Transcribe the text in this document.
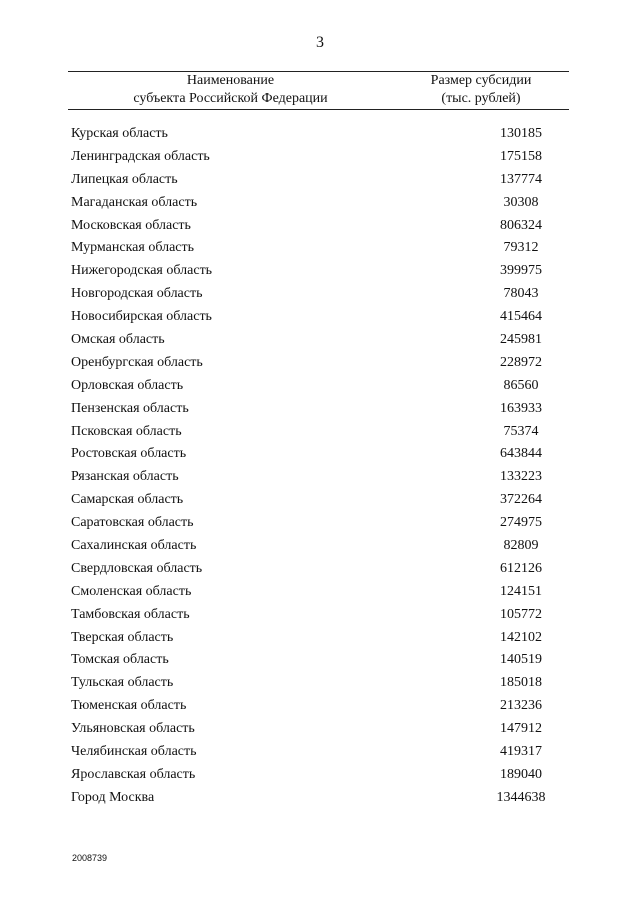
3
Наименование
субъекта Российской Федерации
Размер субсидии
(тыс. рублей)
Курская область	130185
Ленинградская область	175158
Липецкая область	137774
Магаданская область	30308
Московская область	806324
Мурманская область	79312
Нижегородская область	399975
Новгородская область	78043
Новосибирская область	415464
Омская область	245981
Оренбургская область	228972
Орловская область	86560
Пензенская область	163933
Псковская область	75374
Ростовская область	643844
Рязанская область	133223
Самарская область	372264
Саратовская область	274975
Сахалинская область	82809
Свердловская область	612126
Смоленская область	124151
Тамбовская область	105772
Тверская область	142102
Томская область	140519
Тульская область	185018
Тюменская область	213236
Ульяновская область	147912
Челябинская область	419317
Ярославская область	189040
Город Москва	1344638
2008739
